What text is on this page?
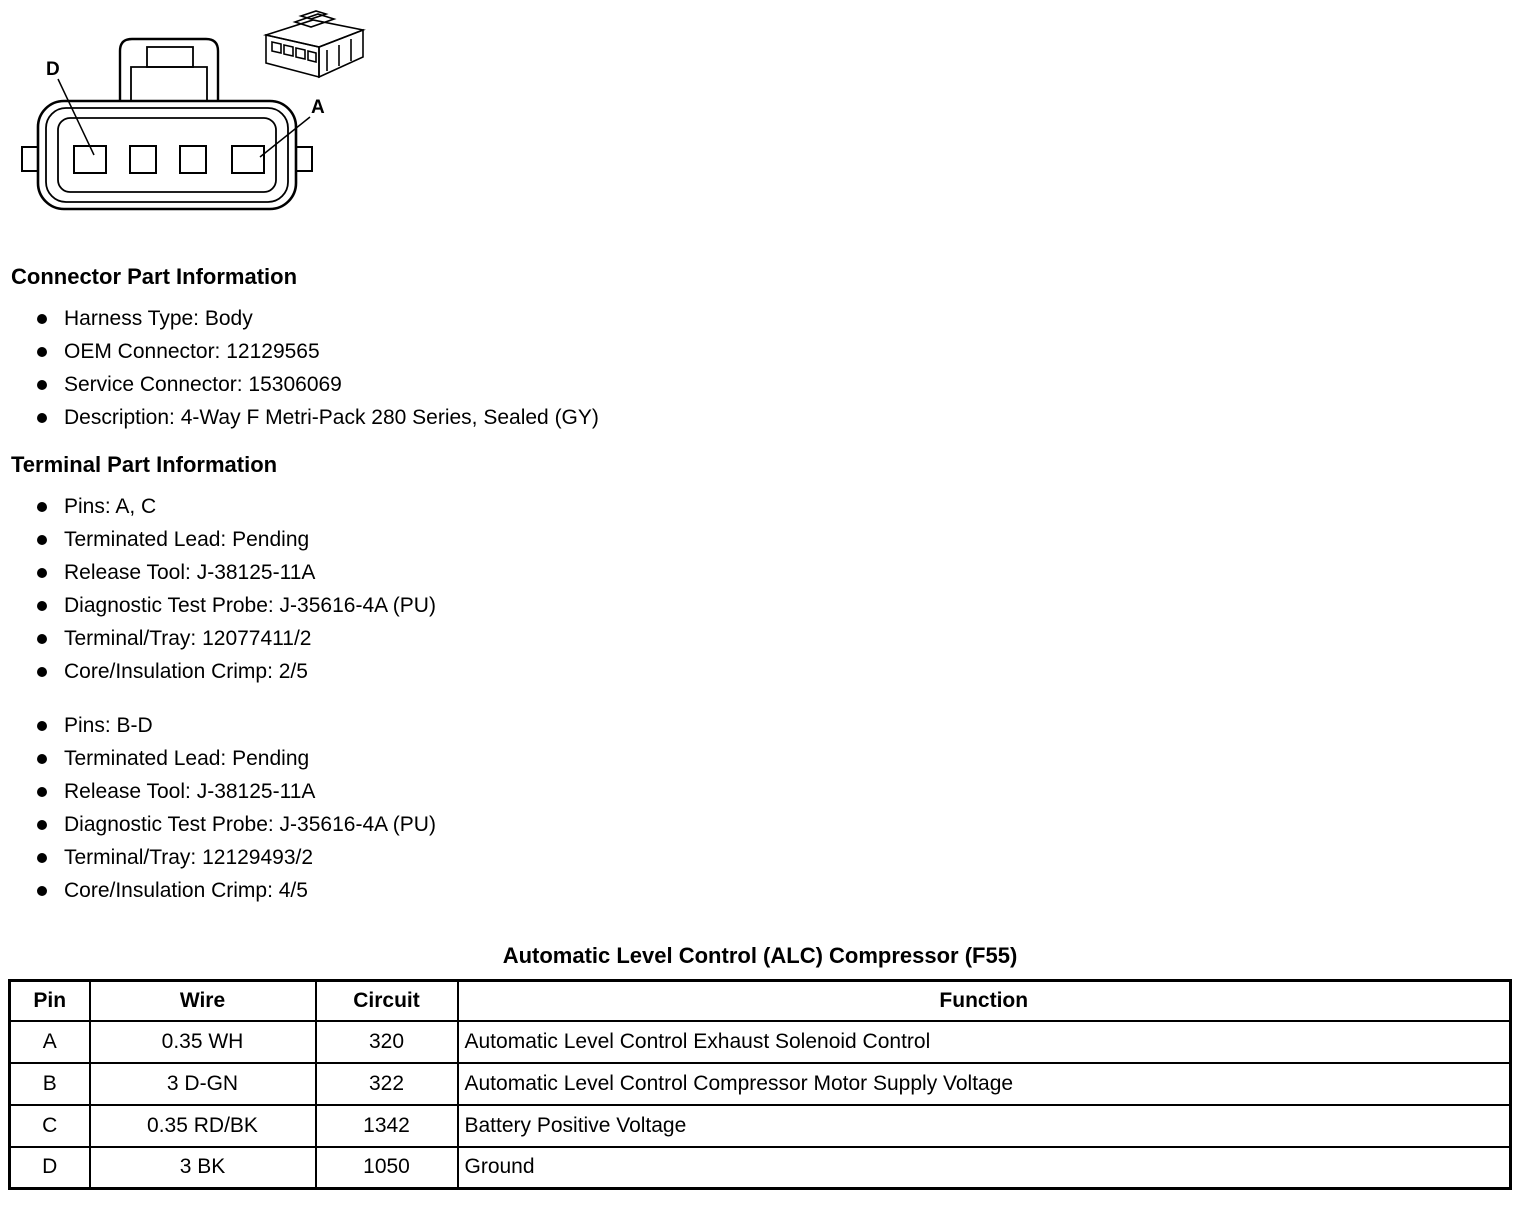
D
A
Connector Part Information
Harness Type: Body
OEM Connector: 12129565
Service Connector: 15306069
Description: 4-Way F Metri-Pack 280 Series, Sealed (GY)
Terminal Part Information
Pins: A, C
Terminated Lead: Pending
Release Tool: J-38125-11A
Diagnostic Test Probe: J-35616-4A (PU)
Terminal/Tray: 12077411/2
Core/Insulation Crimp: 2/5
Pins: B-D
Terminated Lead: Pending
Release Tool: J-38125-11A
Diagnostic Test Probe: J-35616-4A (PU)
Terminal/Tray: 12129493/2
Core/Insulation Crimp: 4/5
Automatic Level Control (ALC) Compressor (F55)
Pin	Wire	Circuit	Function
A	0.35 WH	320	Automatic Level Control Exhaust Solenoid Control
B	3 D-GN	322	Automatic Level Control Compressor Motor Supply Voltage
C	0.35 RD/BK	1342	Battery Positive Voltage
D	3 BK	1050	Ground
